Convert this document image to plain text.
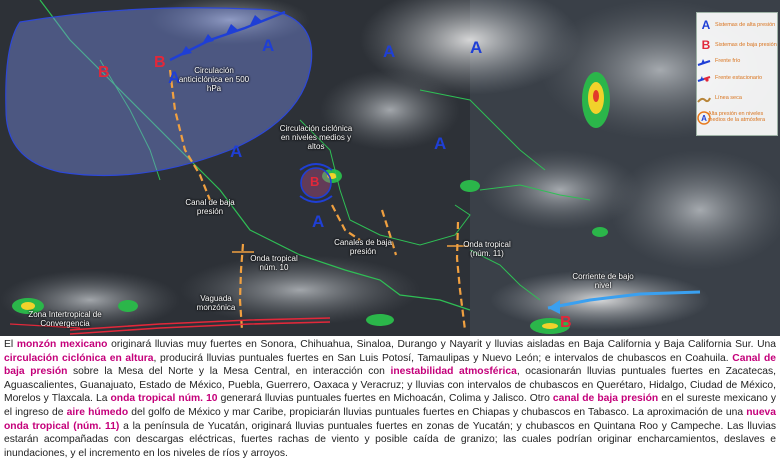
A
A
A	A
A	A
A
B
B
B
B
Circulación anticiclónica en 500 hPa
Circulación ciclónica en niveles medios y altos
Canal de baja presión
Canales de baja presión
Onda tropical núm. 10
Onda tropical (núm. 11)
Vaguada monzónica
Zona Intertropical de Convergencia
Corriente de bajo nivel
A Sistemas de alta presión
B Sistemas de baja presión
Frente frío
Frente estacionario
Línea seca
A Alta presión en niveles medios de la atmósfera
El monzón mexicano originará lluvias muy fuertes en Sonora, Chihuahua, Sinaloa, Durango y Nayarit y lluvias aisladas en Baja California y Baja California Sur. Una circulación ciclónica en altura, producirá lluvias puntuales fuertes en San Luis Potosí, Tamaulipas y Nuevo León; e intervalos de chubascos en Coahuila. Canal de baja presión sobre la Mesa del Norte y la Mesa Central, en interacción con inestabilidad atmosférica, ocasionarán lluvias puntuales fuertes en Zacatecas, Aguascalientes, Guanajuato, Estado de México, Puebla, Guerrero, Oaxaca y Veracruz; y lluvias con intervalos de chubascos en Querétaro, Hidalgo, Ciudad de México, Morelos y Tlaxcala. La onda tropical núm. 10 generará lluvias puntuales fuertes en Michoacán, Colima y Jalisco. Otro canal de baja presión en el sureste mexicano y el ingreso de aire húmedo del golfo de México y mar Caribe, propiciarán lluvias puntuales fuertes en Chiapas y chubascos en Tabasco. La aproximación de una nueva onda tropical (núm. 11) a la península de Yucatán, originará lluvias puntuales fuertes en zonas de Yucatán; y chubascos en Quintana Roo y Campeche. Las lluvias estarán acompañadas con descargas eléctricas, fuertes rachas de viento y posible caída de granizo; las cuales podrían originar encharcamientos, deslaves e inundaciones, y el incremento en los niveles de ríos y arroyos.
